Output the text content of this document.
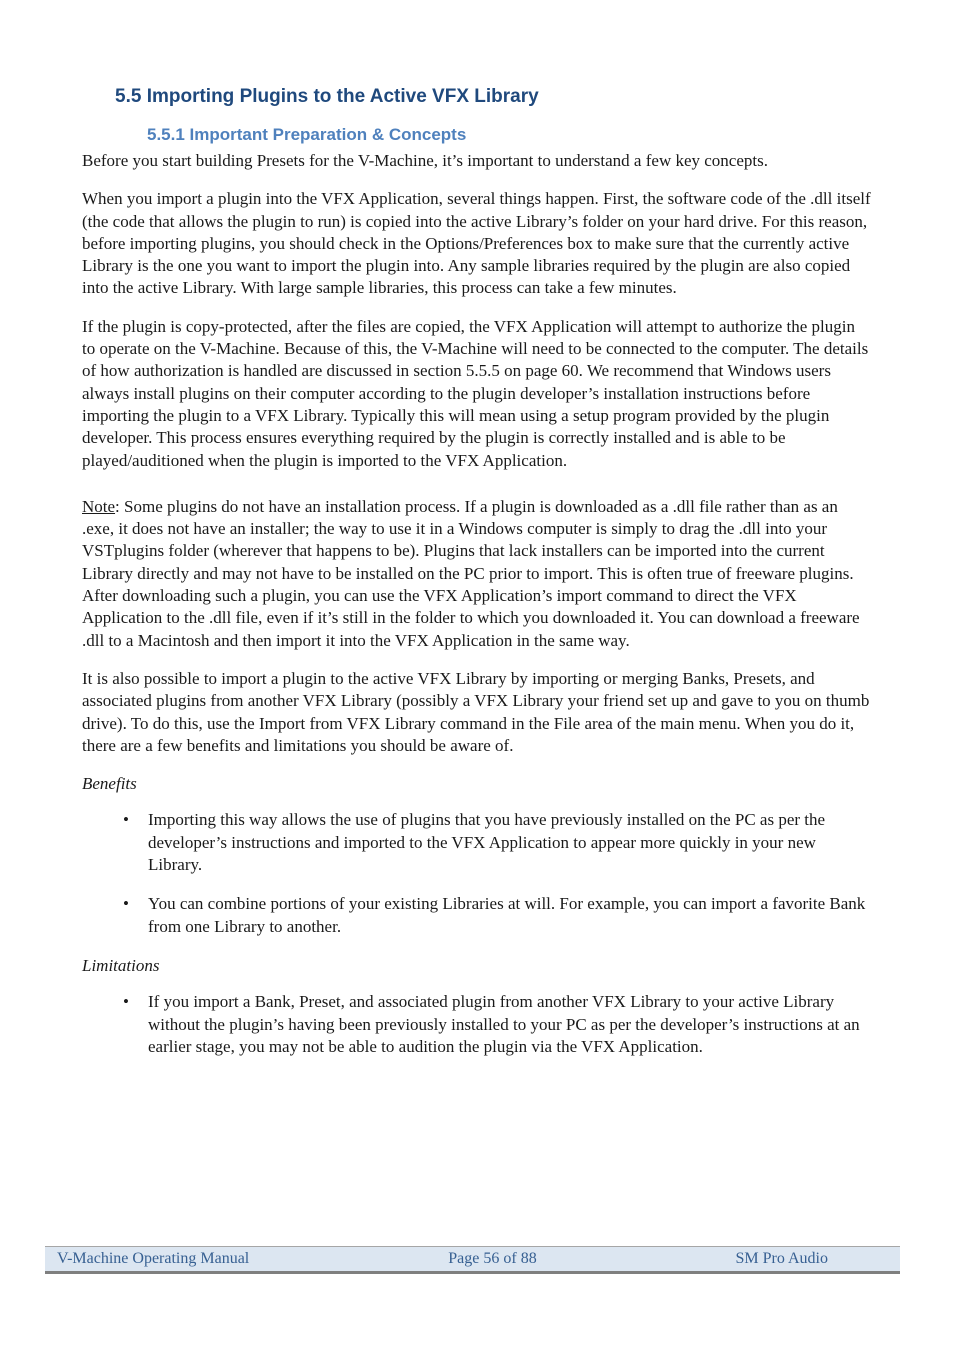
5.5 Importing Plugins to the Active VFX Library
5.5.1 Important Preparation & Concepts

Before you start building Presets for the V-Machine, it’s important to understand a few key concepts.

When you import a plugin into the VFX Application, several things happen. First, the software code of the .dll itself (the code that allows the plugin to run) is copied into the active Library’s folder on your hard drive. For this reason, before importing plugins, you should check in the Options/Preferences box to make sure that the currently active Library is the one you want to import the plugin into. Any sample libraries required by the plugin are also copied into the active Library. With large sample libraries, this process can take a few minutes.

If the plugin is copy-protected, after the files are copied, the VFX Application will attempt to authorize the plugin to operate on the V-Machine. Because of this, the V-Machine will need to be connected to the computer. The details of how authorization is handled are discussed in section 5.5.5 on page 60. We recommend that Windows users always install plugins on their computer according to the plugin developer’s installation instructions before importing the plugin to a VFX Library. Typically this will mean using a setup program provided by the plugin developer. This process ensures everything required by the plugin is correctly installed and is able to be played/auditioned when the plugin is imported to the VFX Application.

Note: Some plugins do not have an installation process. If a plugin is downloaded as a .dll file rather than as an .exe, it does not have an installer; the way to use it in a Windows computer is simply to drag the .dll into your VSTplugins folder (wherever that happens to be). Plugins that lack installers can be imported into the current Library directly and may not have to be installed on the PC prior to import. This is often true of freeware plugins. After downloading such a plugin, you can use the VFX Application’s import command to direct the VFX Application to the .dll file, even if it’s still in the folder to which you downloaded it. You can download a freeware .dll to a Macintosh and then import it into the VFX Application in the same way.

It is also possible to import a plugin to the active VFX Library by importing or merging Banks, Presets, and associated plugins from another VFX Library (possibly a VFX Library your friend set up and gave to you on thumb drive). To do this, use the Import from VFX Library command in the File area of the main menu. When you do it, there are a few benefits and limitations you should be aware of.

Benefits

• Importing this way allows the use of plugins that you have previously installed on the PC as per the developer’s instructions and imported to the VFX Application to appear more quickly in your new Library.
• You can combine portions of your existing Libraries at will. For example, you can import a favorite Bank from one Library to another.

Limitations

• If you import a Bank, Preset, and associated plugin from another VFX Library to your active Library without the plugin’s having been previously installed to your PC as per the developer’s instructions at an earlier stage, you may not be able to audition the plugin via the VFX Application.
V-Machine Operating Manual	Page 56 of 88	SM Pro Audio
